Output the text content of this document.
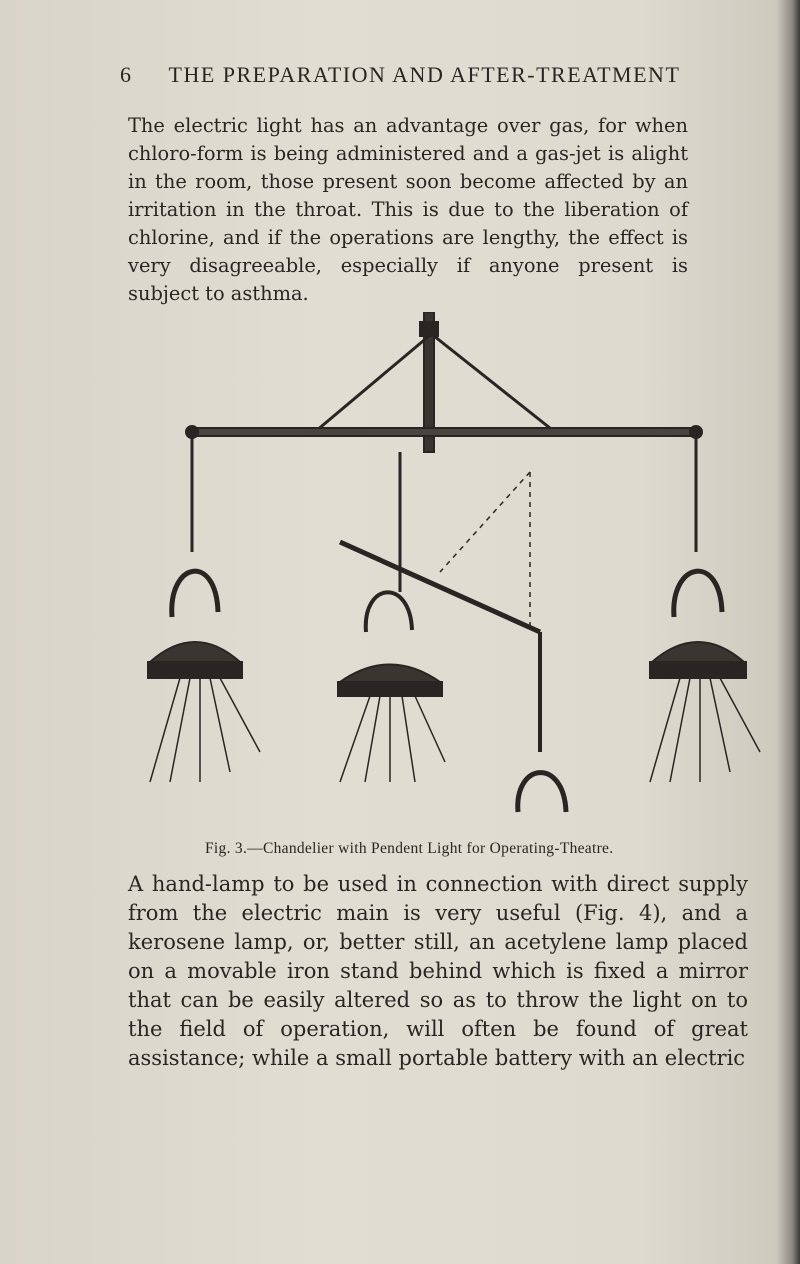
6 THE PREPARATION AND AFTER-TREATMENT

The electric light has an advantage over gas, for when chloro-form is being administered and a gas-jet is alight in the room, those present soon become affected by an irritation in the throat. This is due to the liberation of chlorine, and if the operations are lengthy, the effect is very disagreeable, especially if anyone present is subject to asthma.

Fig. 3.—Chandelier with Pendent Light for Operating-Theatre.

A hand-lamp to be used in connection with direct supply from the electric main is very useful (Fig. 4), and a kerosene lamp, or, better still, an acetylene lamp placed on a movable iron stand behind which is fixed a mirror that can be easily altered so as to throw the light on to the field of operation, will often be found of great assistance; while a small portable battery with an electric
